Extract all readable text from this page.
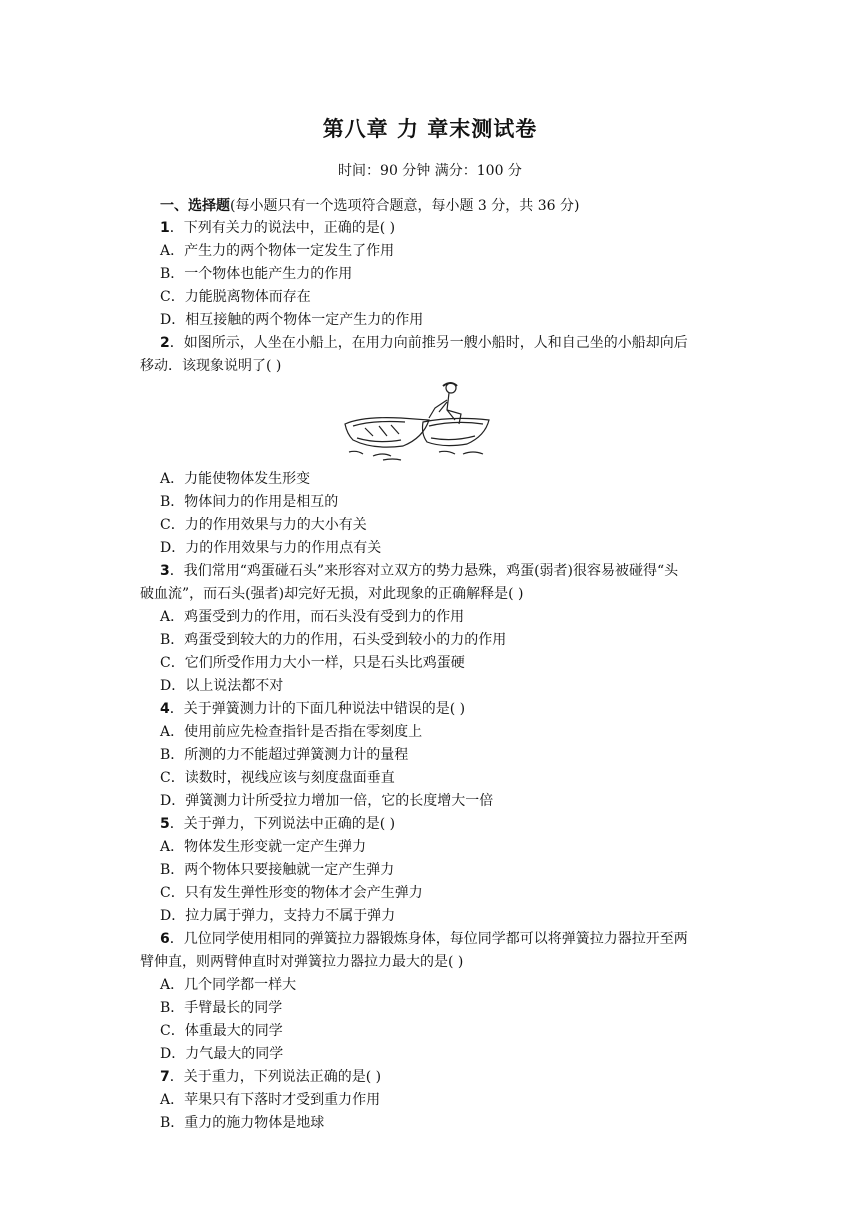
第八章 力 章末测试卷
时间：90 分钟 满分：100 分
一、选择题(每小题只有一个选项符合题意，每小题 3 分，共 36 分)
1．下列有关力的说法中，正确的是( )
A．产生力的两个物体一定发生了作用
B．一个物体也能产生力的作用
C．力能脱离物体而存在
D．相互接触的两个物体一定产生力的作用
2．如图所示，人坐在小船上，在用力向前推另一艘小船时，人和自己坐的小船却向后
移动．该现象说明了( )
A．力能使物体发生形变
B．物体间力的作用是相互的
C．力的作用效果与力的大小有关
D．力的作用效果与力的作用点有关
3．我们常用“鸡蛋碰石头”来形容对立双方的势力悬殊，鸡蛋(弱者)很容易被碰得“头
破血流”，而石头(强者)却完好无损，对此现象的正确解释是( )
A．鸡蛋受到力的作用，而石头没有受到力的作用
B．鸡蛋受到较大的力的作用，石头受到较小的力的作用
C．它们所受作用力大小一样，只是石头比鸡蛋硬
D．以上说法都不对
4．关于弹簧测力计的下面几种说法中错误的是( )
A．使用前应先检查指针是否指在零刻度上
B．所测的力不能超过弹簧测力计的量程
C．读数时，视线应该与刻度盘面垂直
D．弹簧测力计所受拉力增加一倍，它的长度增大一倍
5．关于弹力，下列说法中正确的是( )
A．物体发生形变就一定产生弹力
B．两个物体只要接触就一定产生弹力
C．只有发生弹性形变的物体才会产生弹力
D．拉力属于弹力，支持力不属于弹力
6．几位同学使用相同的弹簧拉力器锻炼身体，每位同学都可以将弹簧拉力器拉开至两
臂伸直，则两臂伸直时对弹簧拉力器拉力最大的是( )
A．几个同学都一样大
B．手臂最长的同学
C．体重最大的同学
D．力气最大的同学
7．关于重力，下列说法正确的是( )
A．苹果只有下落时才受到重力作用
B．重力的施力物体是地球
